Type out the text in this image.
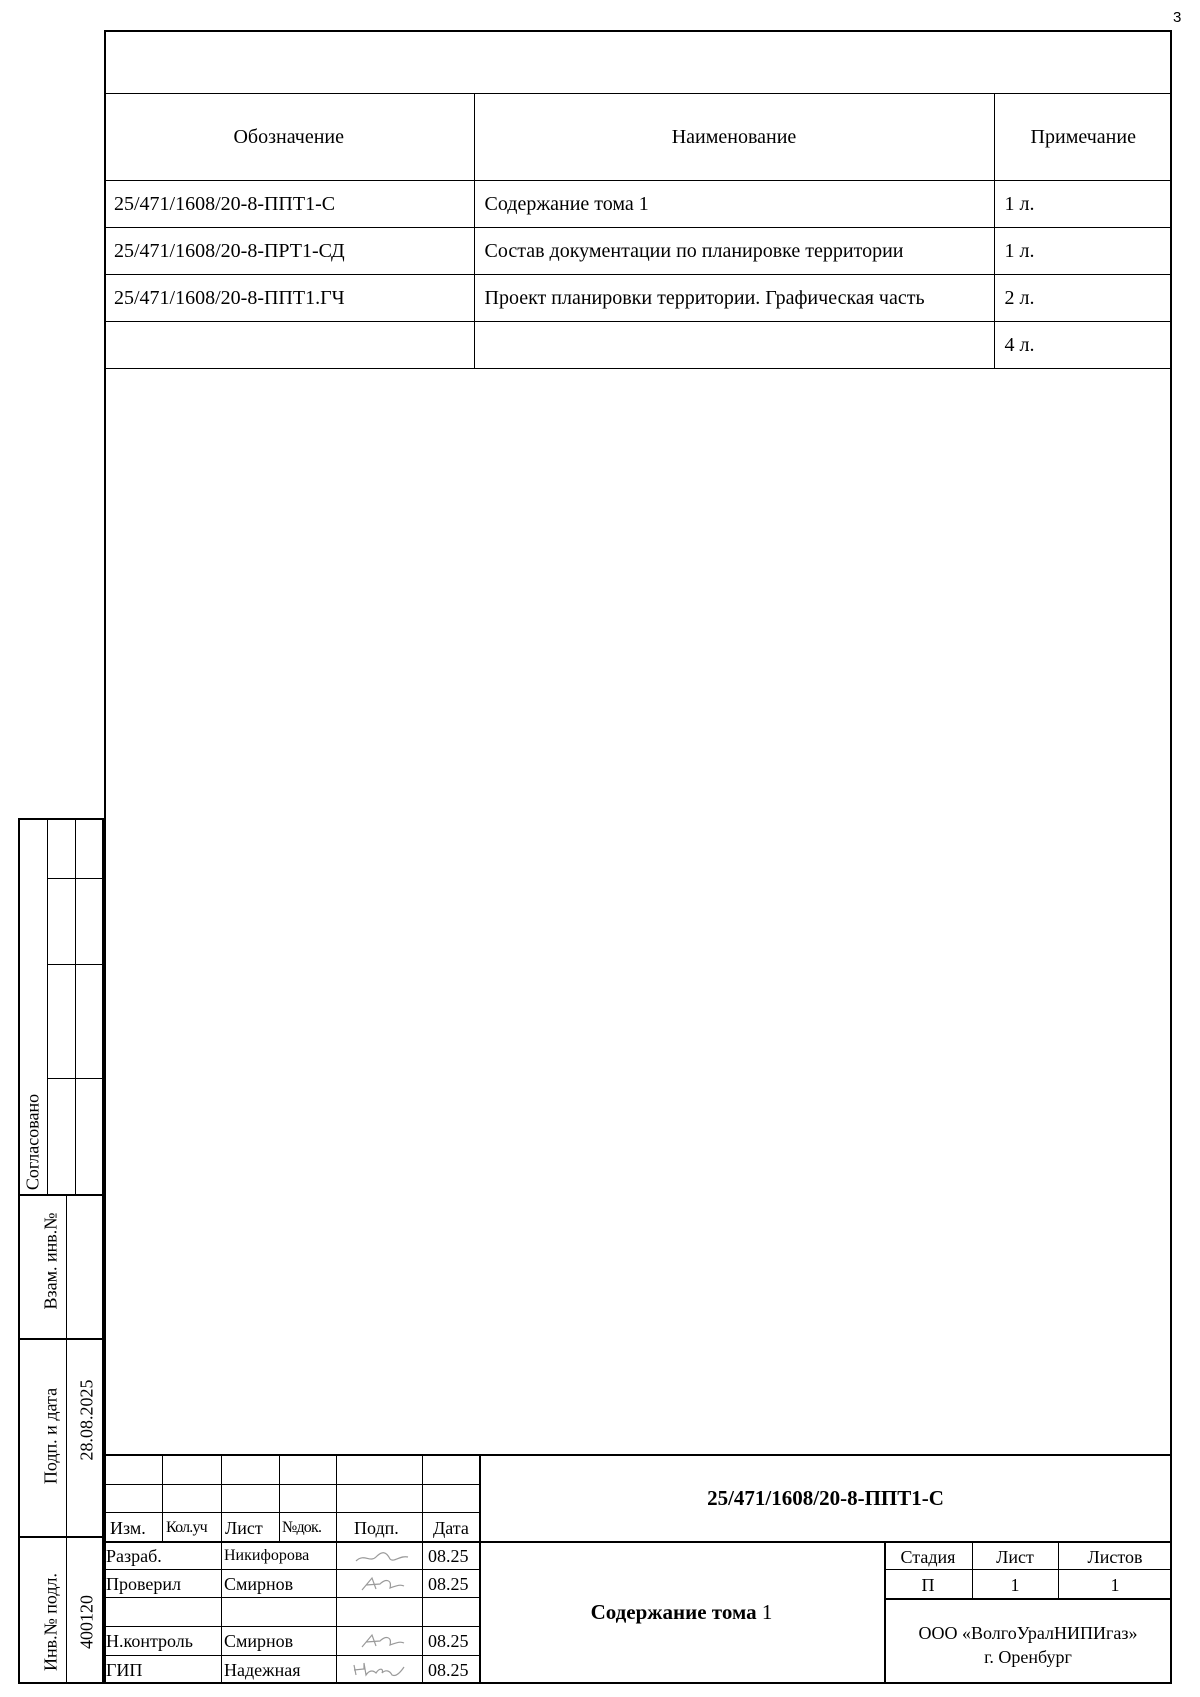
3
Обозначение	Наименование	Примечание
25/471/1608/20-8-ППТ1-С	Содержание тома 1	1 л.
25/471/1608/20-8-ПРТ1-СД	Состав документации по планировке территории	1 л.
25/471/1608/20-8-ППТ1.ГЧ	Проект планировки территории. Графическая часть	2 л.
		4 л.
Согласовано
Взам. инв.№
Подп. и дата 28.08.2025
Инв.№ подл. 400120
Изм. Кол.уч Лист №док. Подп. Дата
Разраб.	Никифорова	08.25
Проверил Смирнов	08.25
Н.контроль Смирнов	08.25
ГИП	Надежная	08.25
25/471/1608/20-8-ППТ1-С
Содержание тома 1
Стадия	Лист	Листов
П	1	1
ООО «ВолгоУралНИПИгаз»
г. Оренбург
